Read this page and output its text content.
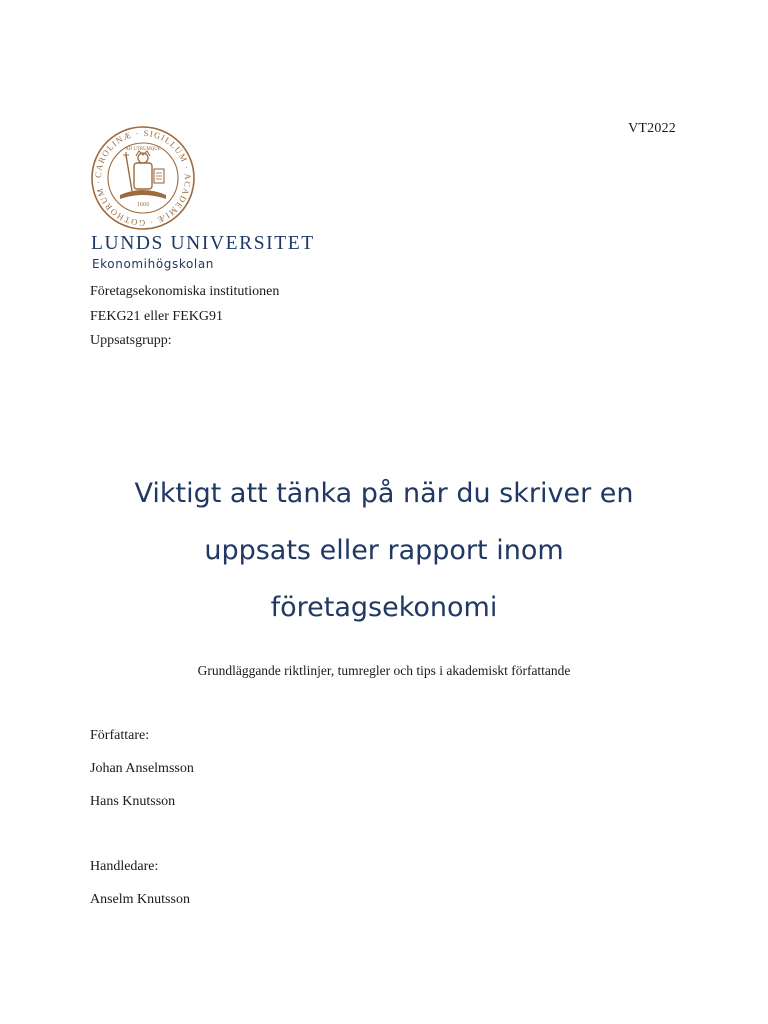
VT2022
CAROLINÆ · SIGILLUM · ACADEMIÆ · GOTHORUM ·
1666
AD UTRUMQUE
LUNDS UNIVERSITET
Ekonomihögskolan
Företagsekonomiska institutionen
FEKG21 eller FEKG91
Uppsatsgrupp:
Viktigt att tänka på när du skriver en
uppsats eller rapport inom
företagsekonomi
Grundläggande riktlinjer, tumregler och tips i akademiskt författande
Författare:
Johan Anselmsson
Hans Knutsson
Handledare:
Anselm Knutsson
